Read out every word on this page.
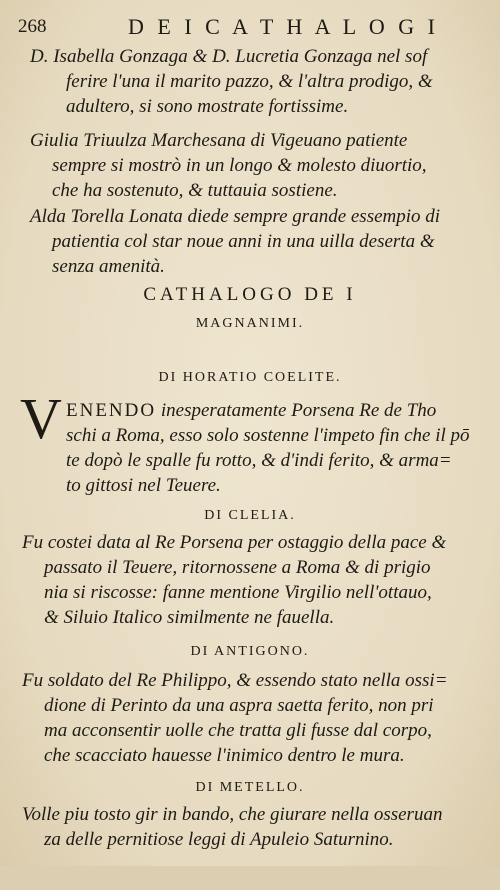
268	D E I C A T H A L O G I
D. Isabella Gonzaga & D. Lucretia Gonzaga nel sof
ferire l'una il marito pazzo, & l'altra prodigo, &
adultero, si sono mostrate fortissime.
Giulia Triuulza Marchesana di Vigeuano patiente
sempre si mostrò in un longo & molesto diuortio,
che ha sostenuto, & tuttauia sostiene.
Alda Torella Lonata diede sempre grande essempio di
patientia col star noue anni in una uilla deserta &
senza amenità.
CATHALOGO DE I
MAGNANIMI.
DI HORATIO COELITE.
V ENENDO inesperatamente Porsena Re de Tho
schi a Roma, esso solo sostenne l'impeto fin che il pō
te dopò le spalle fu rotto, & d'indi ferito, & arma=
to gittosi nel Teuere.
DI CLELIA.
Fu costei data al Re Porsena per ostaggio della pace &
passato il Teuere, ritornossene a Roma & di prigio
nia si riscosse: fanne mentione Virgilio nell'ottauo,
& Siluio Italico similmente ne fauella.
DI ANTIGONO.
Fu soldato del Re Philippo, & essendo stato nella ossi=
dione di Perinto da una aspra saetta ferito, non pri
ma acconsentir uolle che tratta gli fusse dal corpo,
che scacciato hauesse l'inimico dentro le mura.
DI METELLO.
Volle piu tosto gir in bando, che giurare nella osseruan
za delle pernitiose leggi di Apuleio Saturnino.
